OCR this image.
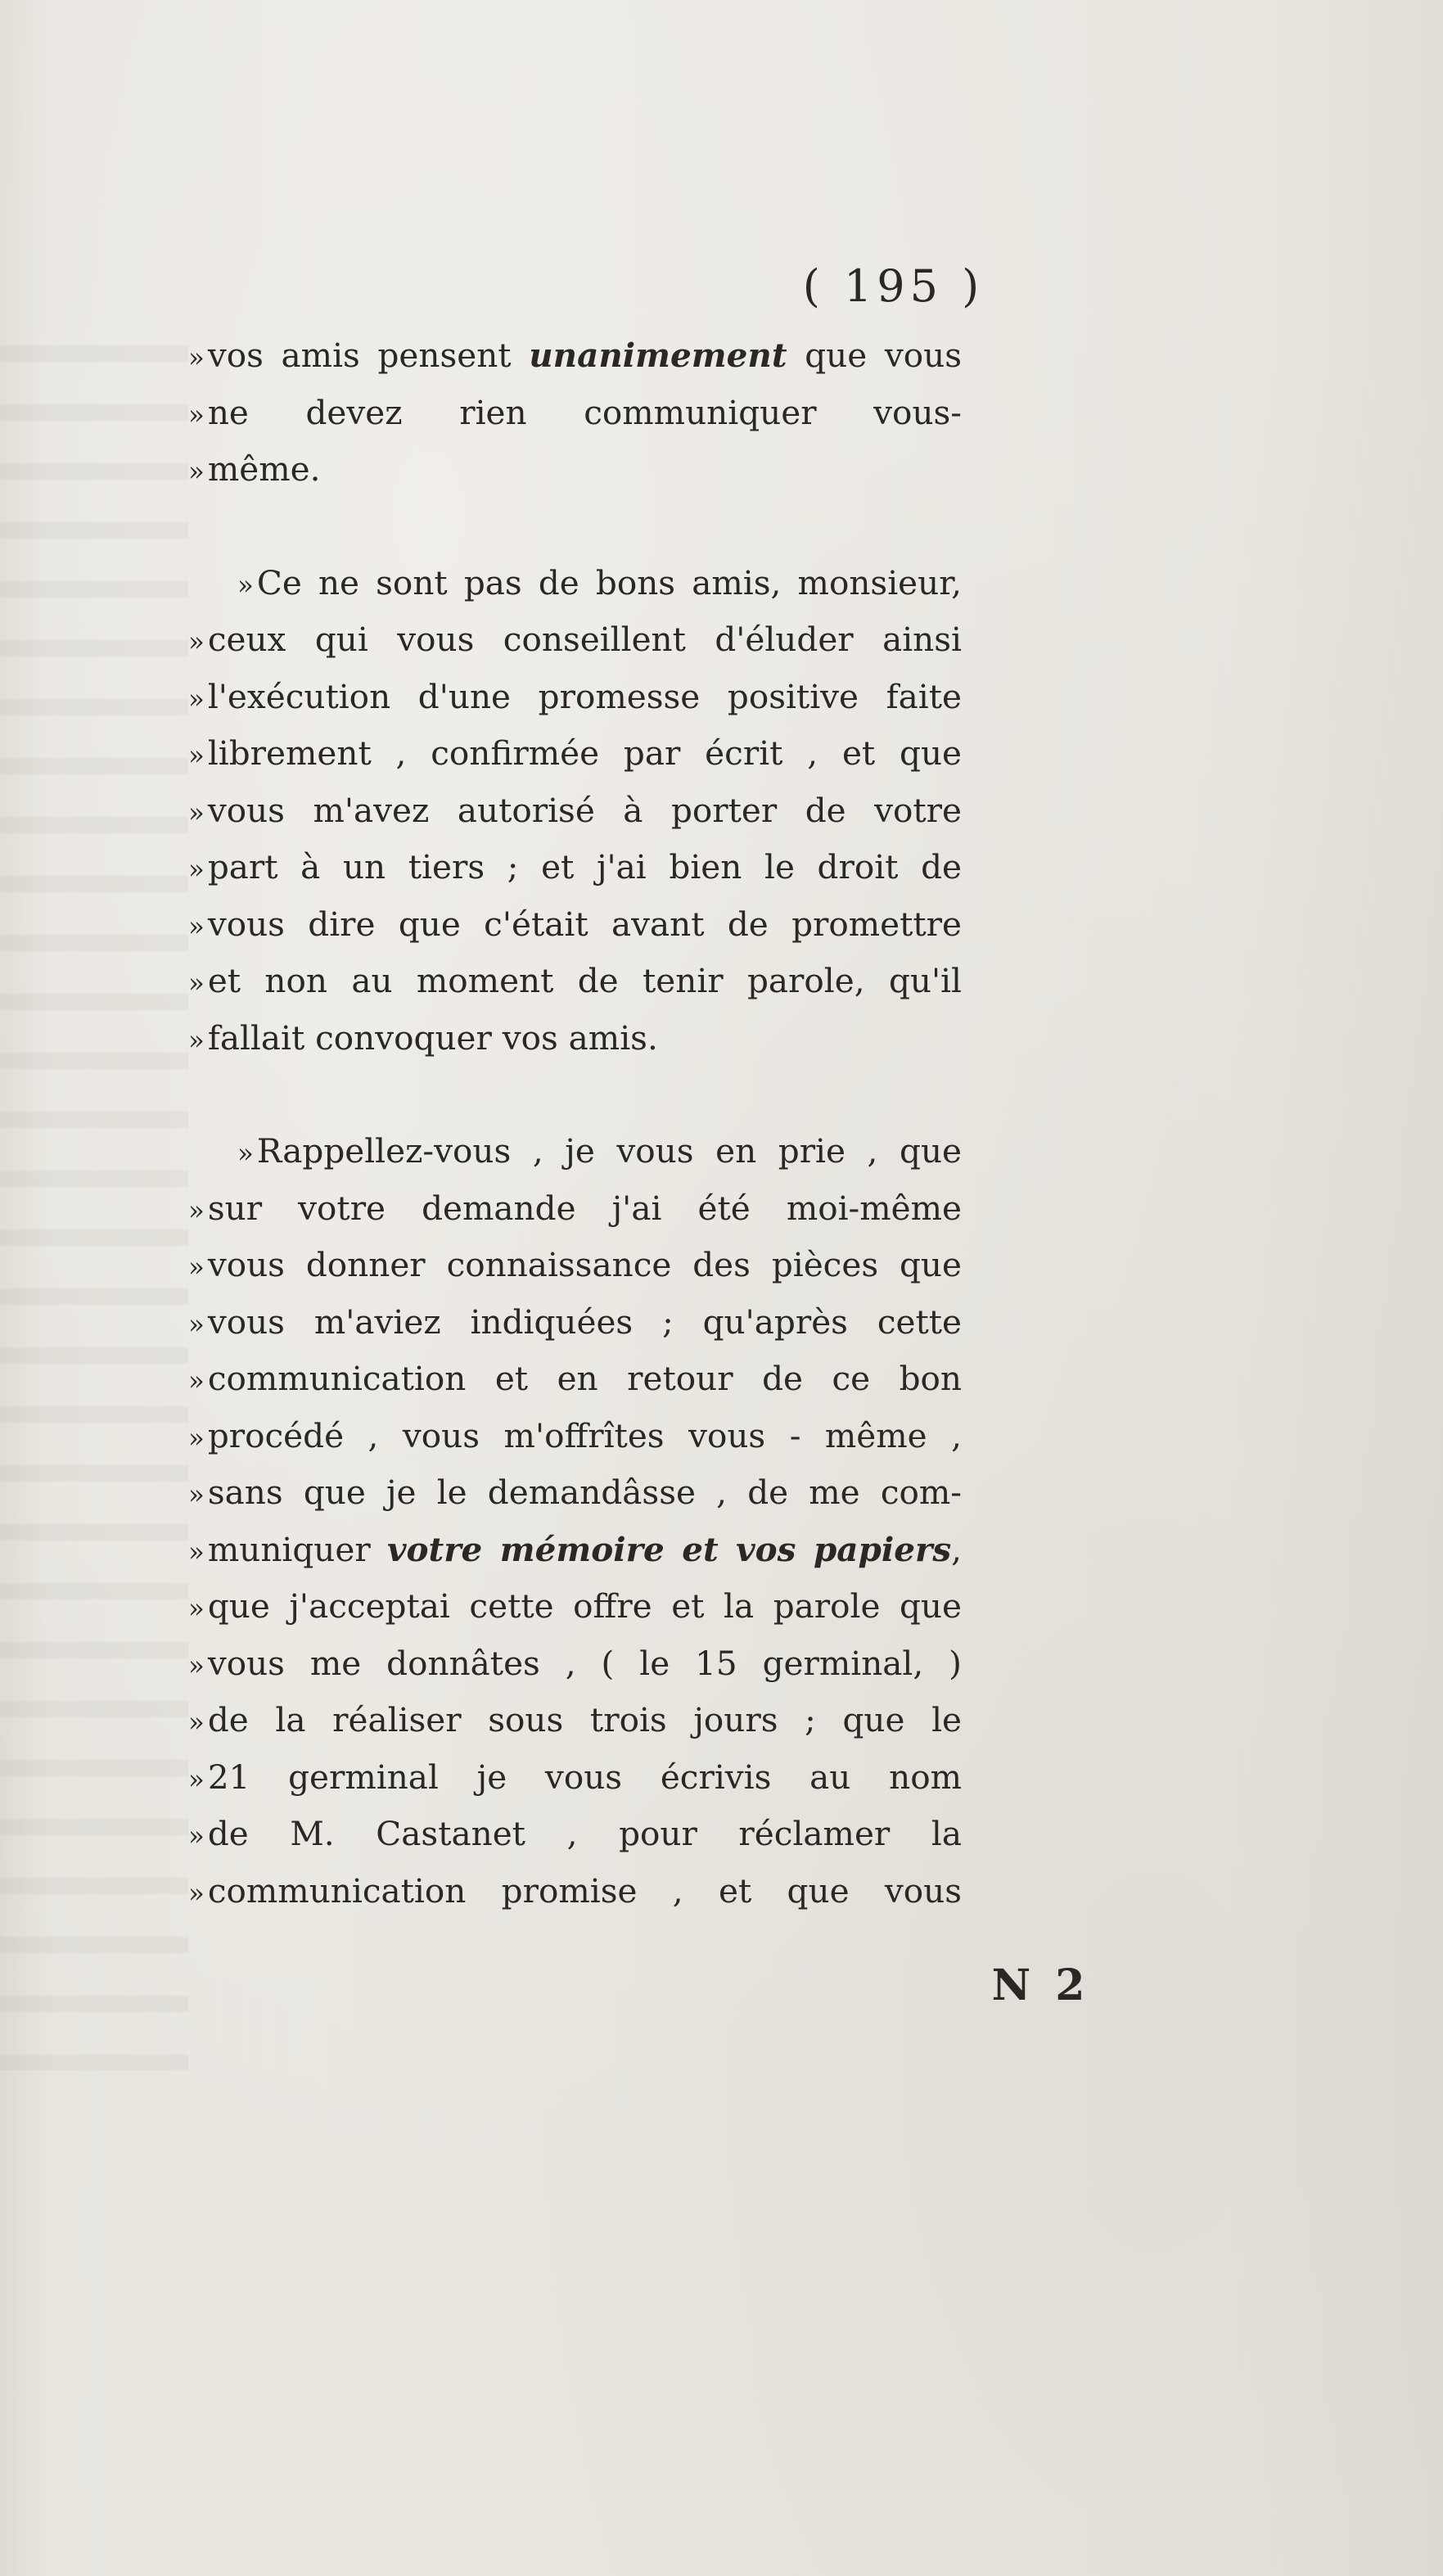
( 195 )
»vos amis pensent unanimement que vous
»ne devez rien communiquer vous-
»même.
»Ce ne sont pas de bons amis, monsieur,
»ceux qui vous conseillent d'éluder ainsi
»l'exécution d'une promesse positive faite
»librement , confirmée par écrit , et que
»vous m'avez autorisé à porter de votre
»part à un tiers ; et j'ai bien le droit de
»vous dire que c'était avant de promettre
»et non au moment de tenir parole, qu'il
»fallait convoquer vos amis.
»Rappellez-vous , je vous en prie , que
»sur votre demande j'ai été moi-même
»vous donner connaissance des pièces que
»vous m'aviez indiquées ; qu'après cette
»communication et en retour de ce bon
»procédé , vous m'offrîtes vous - même ,
»sans que je le demandâsse , de me com-
»muniquer votre mémoire et vos papiers,
»que j'acceptai cette offre et la parole que
»vous me donnâtes , ( le 15 germinal, )
»de la réaliser sous trois jours ; que le
»21 germinal je vous écrivis au nom
»de M. Castanet , pour réclamer la
»communication promise , et que vous
N 2
